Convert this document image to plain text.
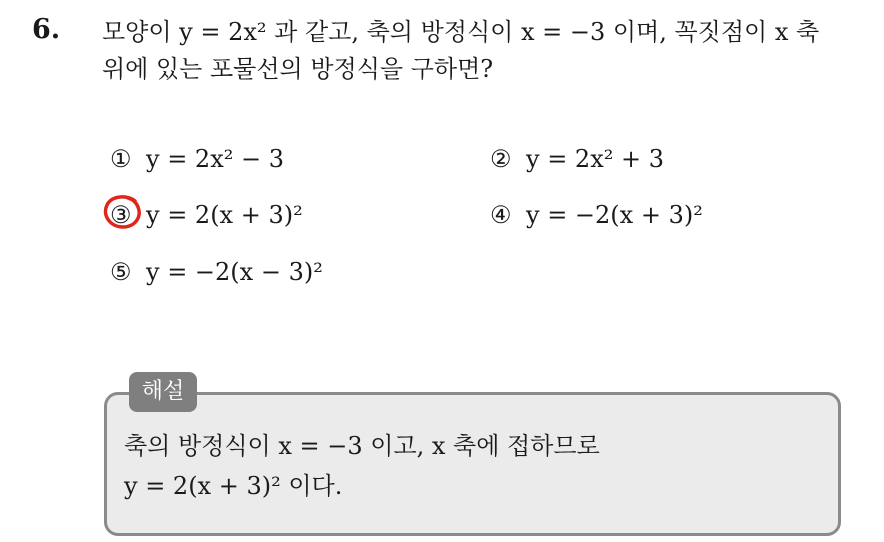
6. 모양이 y = 2x² 과 같고, 축의 방정식이 x = −3 이며, 꼭짓점이 x 축
위에 있는 포물선의 방정식을 구하면?
① y = 2x² − 3	② y = 2x² + 3
③ y = 2(x + 3)²	④ y = −2(x + 3)²
⑤ y = −2(x − 3)²
해설
축의 방정식이 x = −3 이고, x 축에 접하므로
y = 2(x + 3)² 이다.
